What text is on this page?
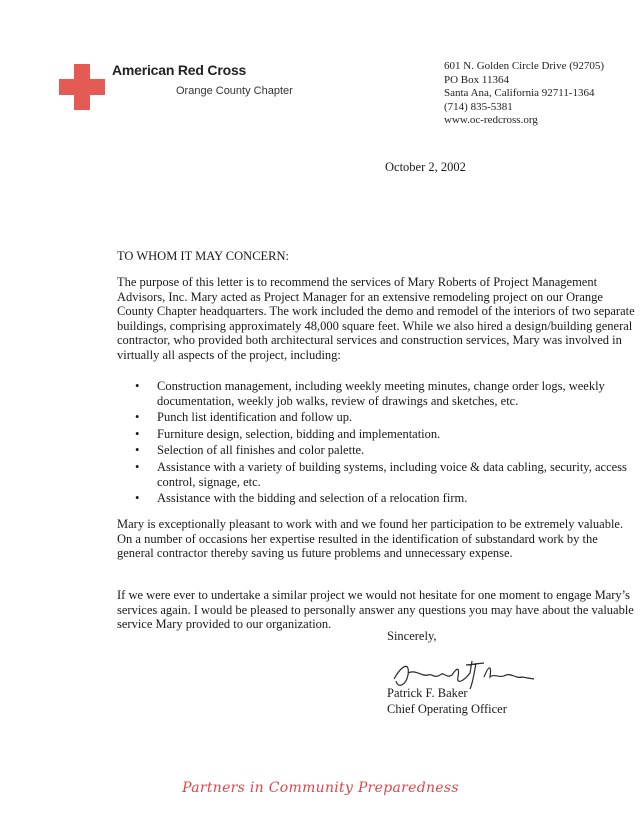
American Red Cross
Orange County Chapter
601 N. Golden Circle Drive (92705)
PO Box 11364
Santa Ana, California 92711-1364
(714) 835-5381
www.oc-redcross.org
October 2, 2002
TO WHOM IT MAY CONCERN:
The purpose of this letter is to recommend the services of Mary Roberts of Project Management Advisors, Inc. Mary acted as Project Manager for an extensive remodeling project on our Orange County Chapter headquarters. The work included the demo and remodel of the interiors of two separate buildings, comprising approximately 48,000 square feet. While we also hired a design/building general contractor, who provided both architectural services and construction services, Mary was involved in virtually all aspects of the project, including:
• Construction management, including weekly meeting minutes, change order logs, weekly documentation, weekly job walks, review of drawings and sketches, etc.
• Punch list identification and follow up.
• Furniture design, selection, bidding and implementation.
• Selection of all finishes and color palette.
• Assistance with a variety of building systems, including voice & data cabling, security, access control, signage, etc.
• Assistance with the bidding and selection of a relocation firm.
Mary is exceptionally pleasant to work with and we found her participation to be extremely valuable. On a number of occasions her expertise resulted in the identification of substandard work by the general contractor thereby saving us future problems and unnecessary expense.
If we were ever to undertake a similar project we would not hesitate for one moment to engage Mary’s services again. I would be pleased to personally answer any questions you may have about the valuable service Mary provided to our organization.
Sincerely,
Patrick F. Baker
Chief Operating Officer
Partners in Community Preparedness
